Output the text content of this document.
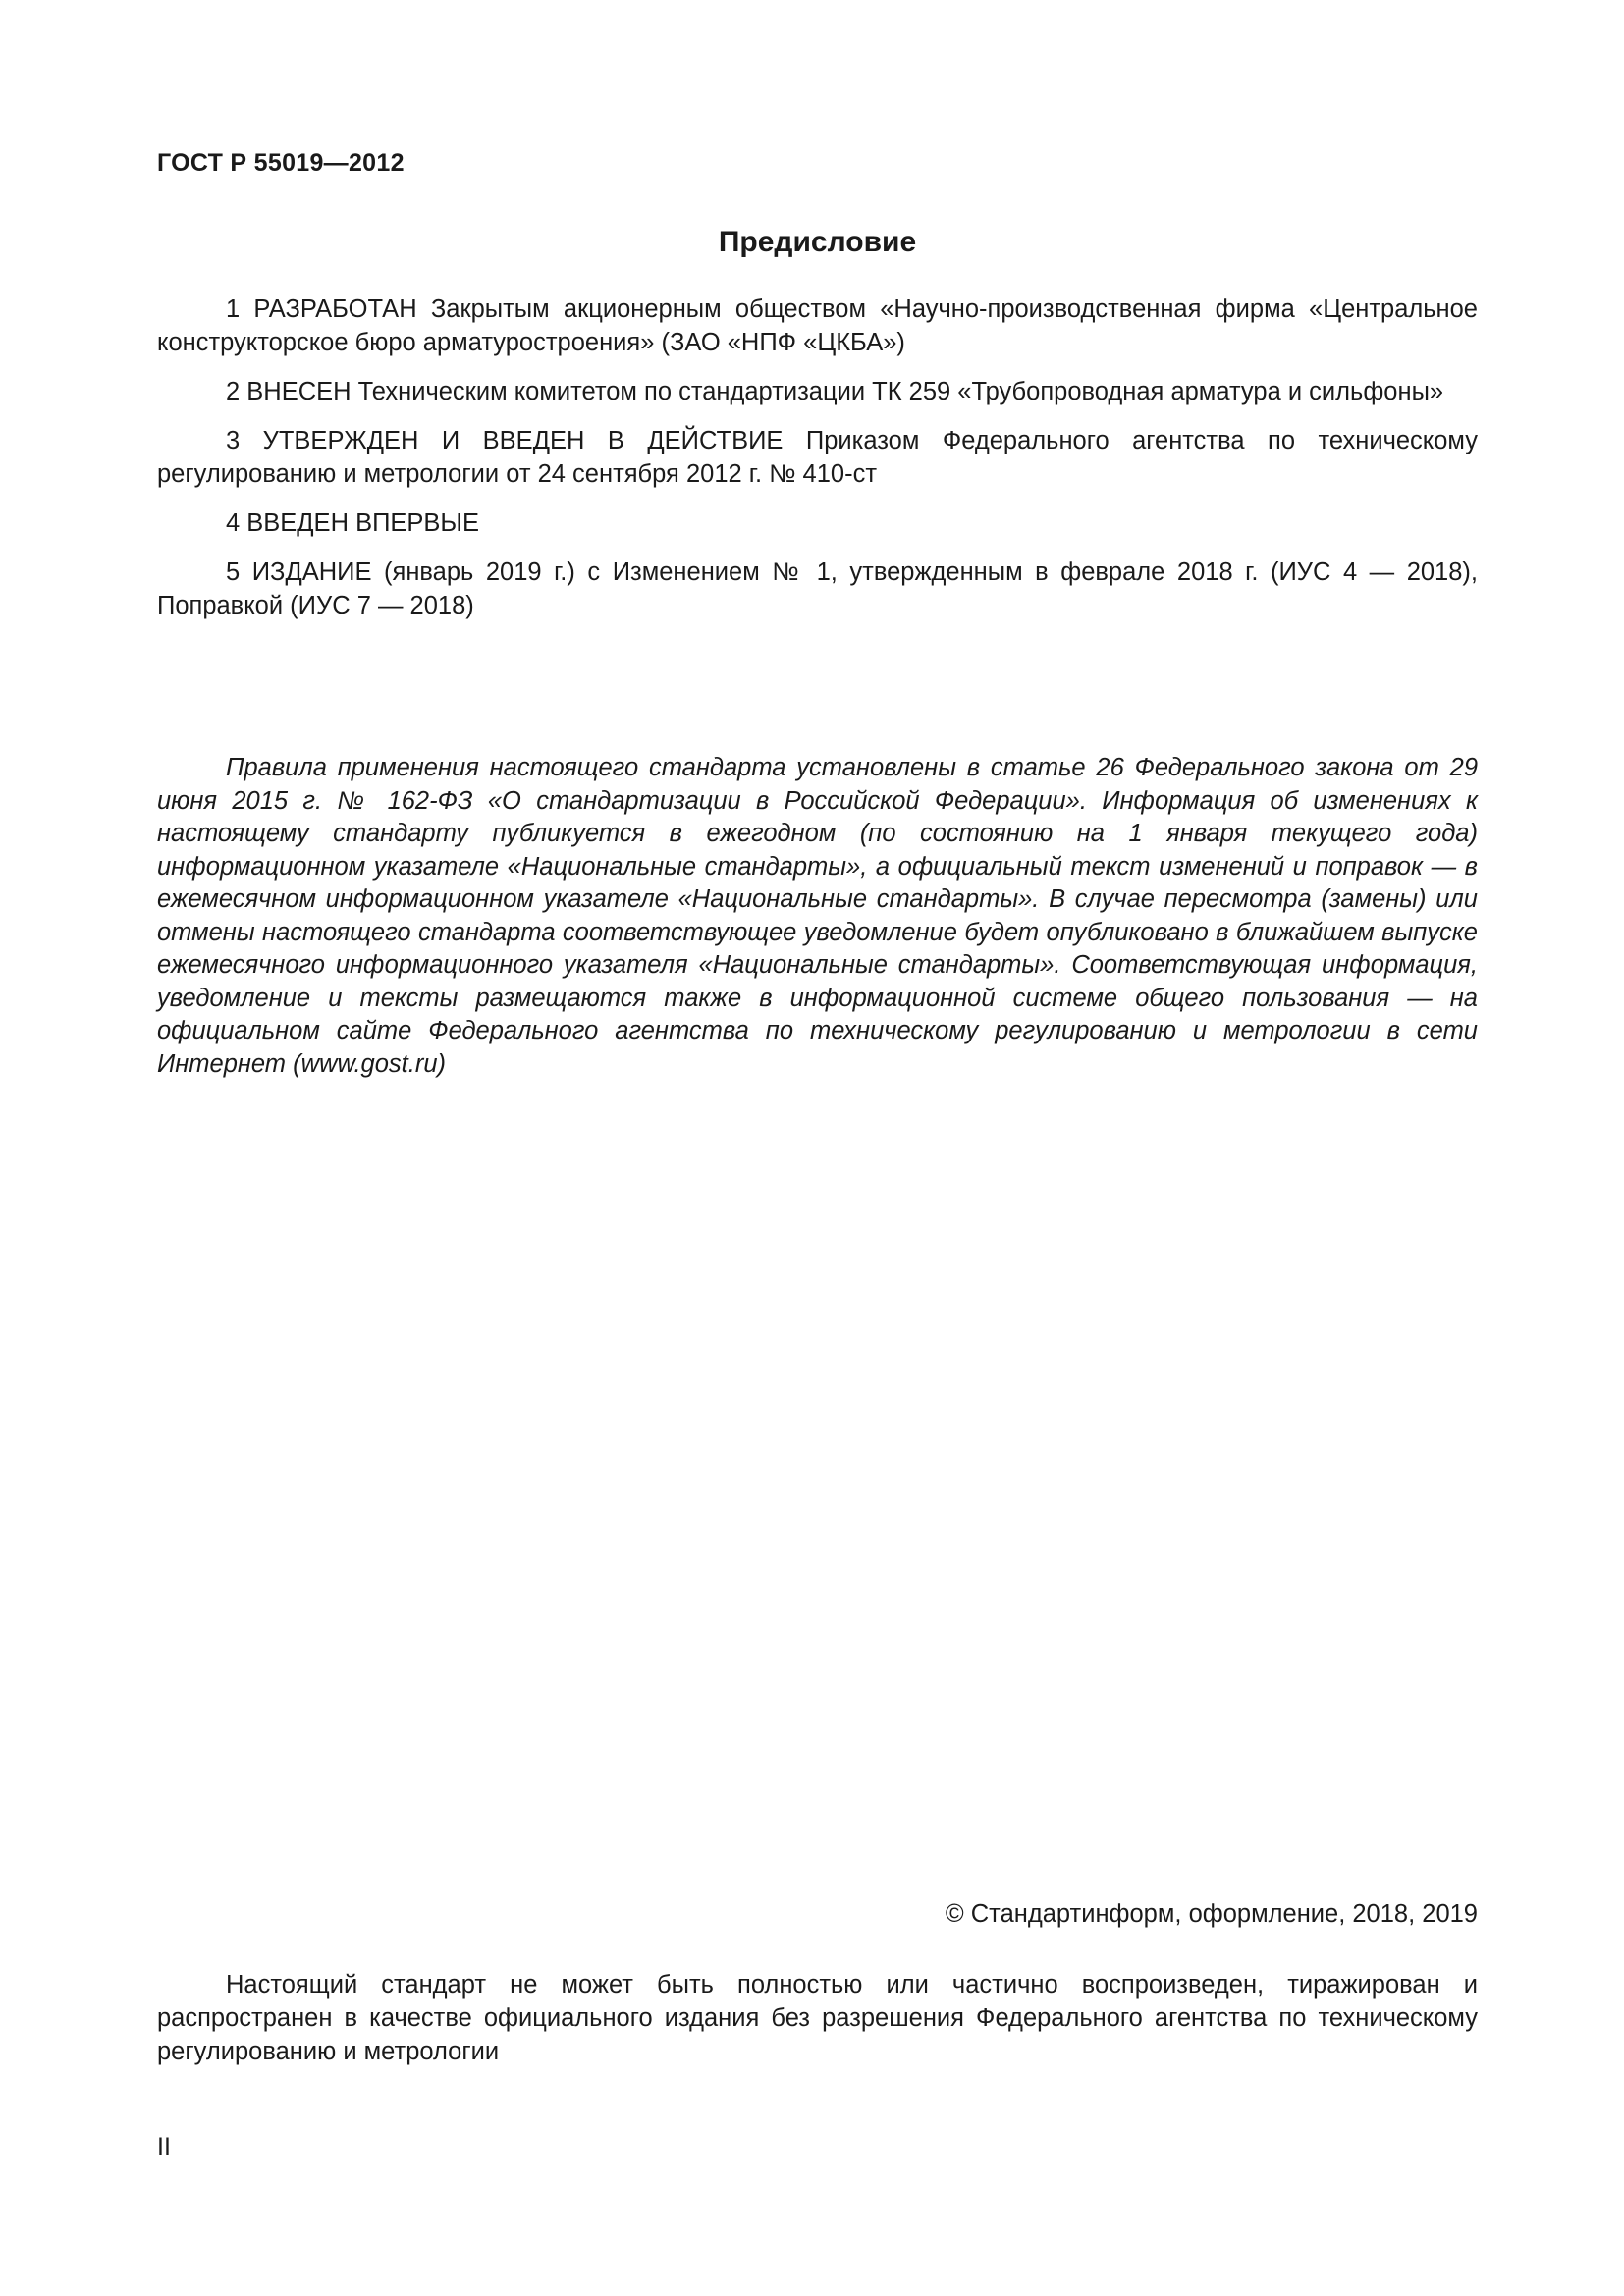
ГОСТ Р 55019—2012
Предисловие

1 РАЗРАБОТАН Закрытым акционерным обществом «Научно-производственная фирма «Центральное конструкторское бюро арматуростроения» (ЗАО «НПФ «ЦКБА»)

2 ВНЕСЕН Техническим комитетом по стандартизации ТК 259 «Трубопроводная арматура и сильфоны»

3 УТВЕРЖДЕН И ВВЕДЕН В ДЕЙСТВИЕ Приказом Федерального агентства по техническому регулированию и метрологии от 24 сентября 2012 г. № 410-ст

4 ВВЕДЕН ВПЕРВЫЕ

5 ИЗДАНИЕ (январь 2019 г.) с Изменением № 1, утвержденным в феврале 2018 г. (ИУС 4 — 2018), Поправкой (ИУС 7 — 2018)

Правила применения настоящего стандарта установлены в статье 26 Федерального закона от 29 июня 2015 г. № 162-ФЗ «О стандартизации в Российской Федерации». Информация об изменениях к настоящему стандарту публикуется в ежегодном (по состоянию на 1 января текущего года) информационном указателе «Национальные стандарты», а официальный текст изменений и поправок — в ежемесячном информационном указателе «Национальные стандарты». В случае пересмотра (замены) или отмены настоящего стандарта соответствующее уведомление будет опубликовано в ближайшем выпуске ежемесячного информационного указателя «Национальные стандарты». Соответствующая информация, уведомление и тексты размещаются также в информационной системе общего пользования — на официальном сайте Федерального агентства по техническому регулированию и метрологии в сети Интернет (www.gost.ru)

© Стандартинформ, оформление, 2018, 2019

Настоящий стандарт не может быть полностью или частично воспроизведен, тиражирован и распространен в качестве официального издания без разрешения Федерального агентства по техническому регулированию и метрологии

II
